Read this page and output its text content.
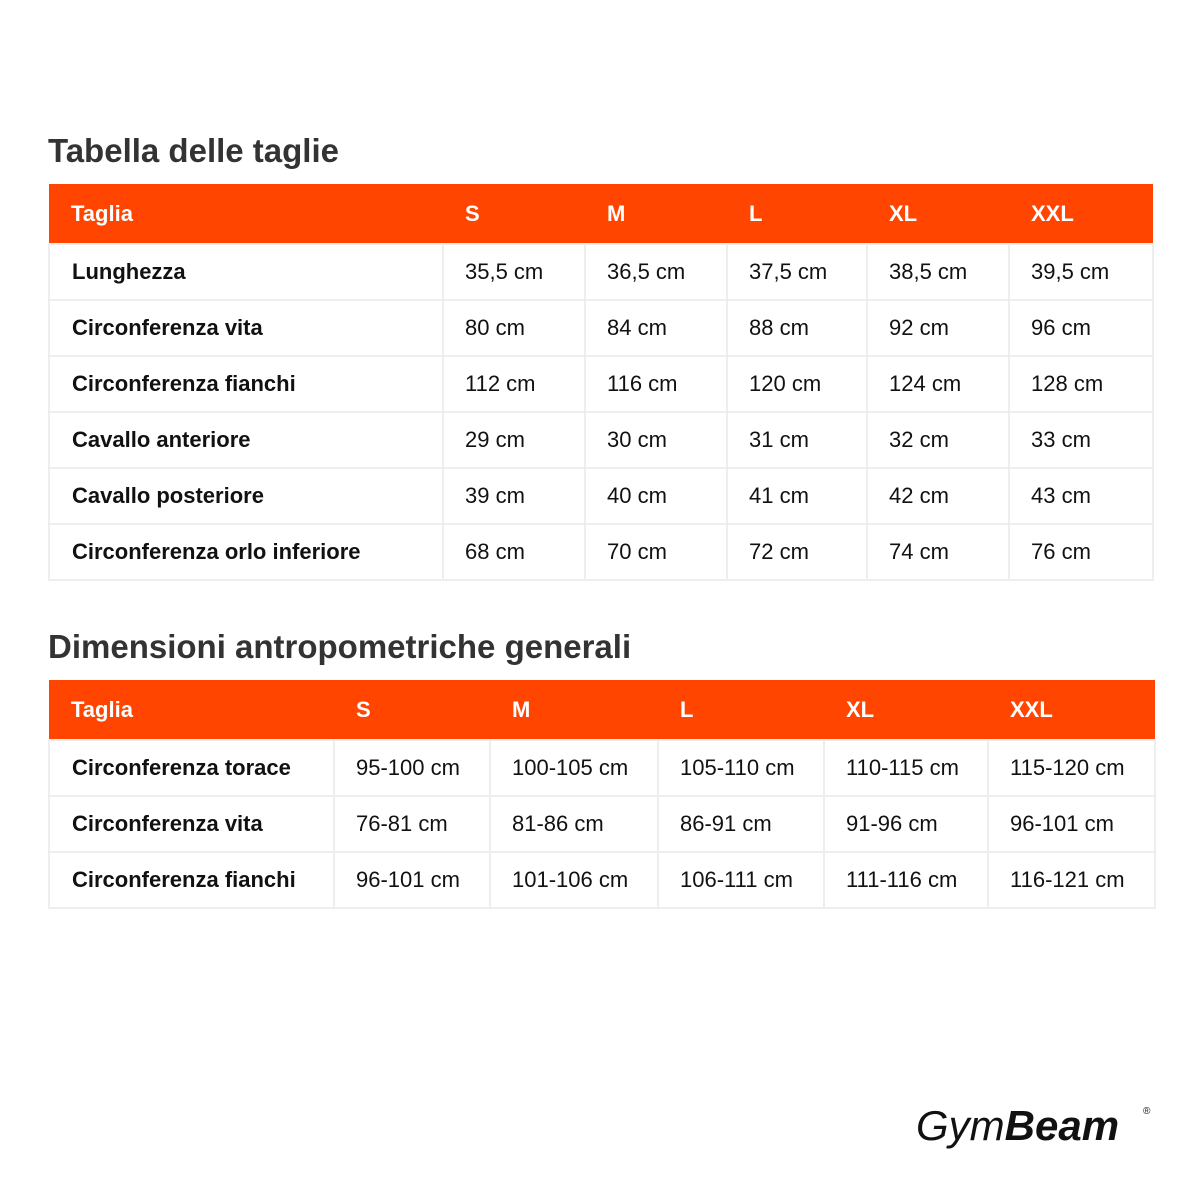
Tabella delle taglie
Taglia	S	M	L	XL	XXL
Lunghezza	35,5 cm	36,5 cm	37,5 cm	38,5 cm	39,5 cm
Circonferenza vita	80 cm	84 cm	88 cm	92 cm	96 cm
Circonferenza fianchi	112 cm	116 cm	120 cm	124 cm	128 cm
Cavallo anteriore	29 cm	30 cm	31 cm	32 cm	33 cm
Cavallo posteriore	39 cm	40 cm	41 cm	42 cm	43 cm
Circonferenza orlo inferiore	68 cm	70 cm	72 cm	74 cm	76 cm
Dimensioni antropometriche generali
Taglia	S	M	L	XL	XXL
Circonferenza torace	95-100 cm	100-105 cm	105-110 cm	110-115 cm	115-120 cm
Circonferenza vita	76-81 cm	81-86 cm	86-91 cm	91-96 cm	96-101 cm
Circonferenza fianchi	96-101 cm	101-106 cm	106-111 cm	111-116 cm	116-121 cm
GymBeam ®
